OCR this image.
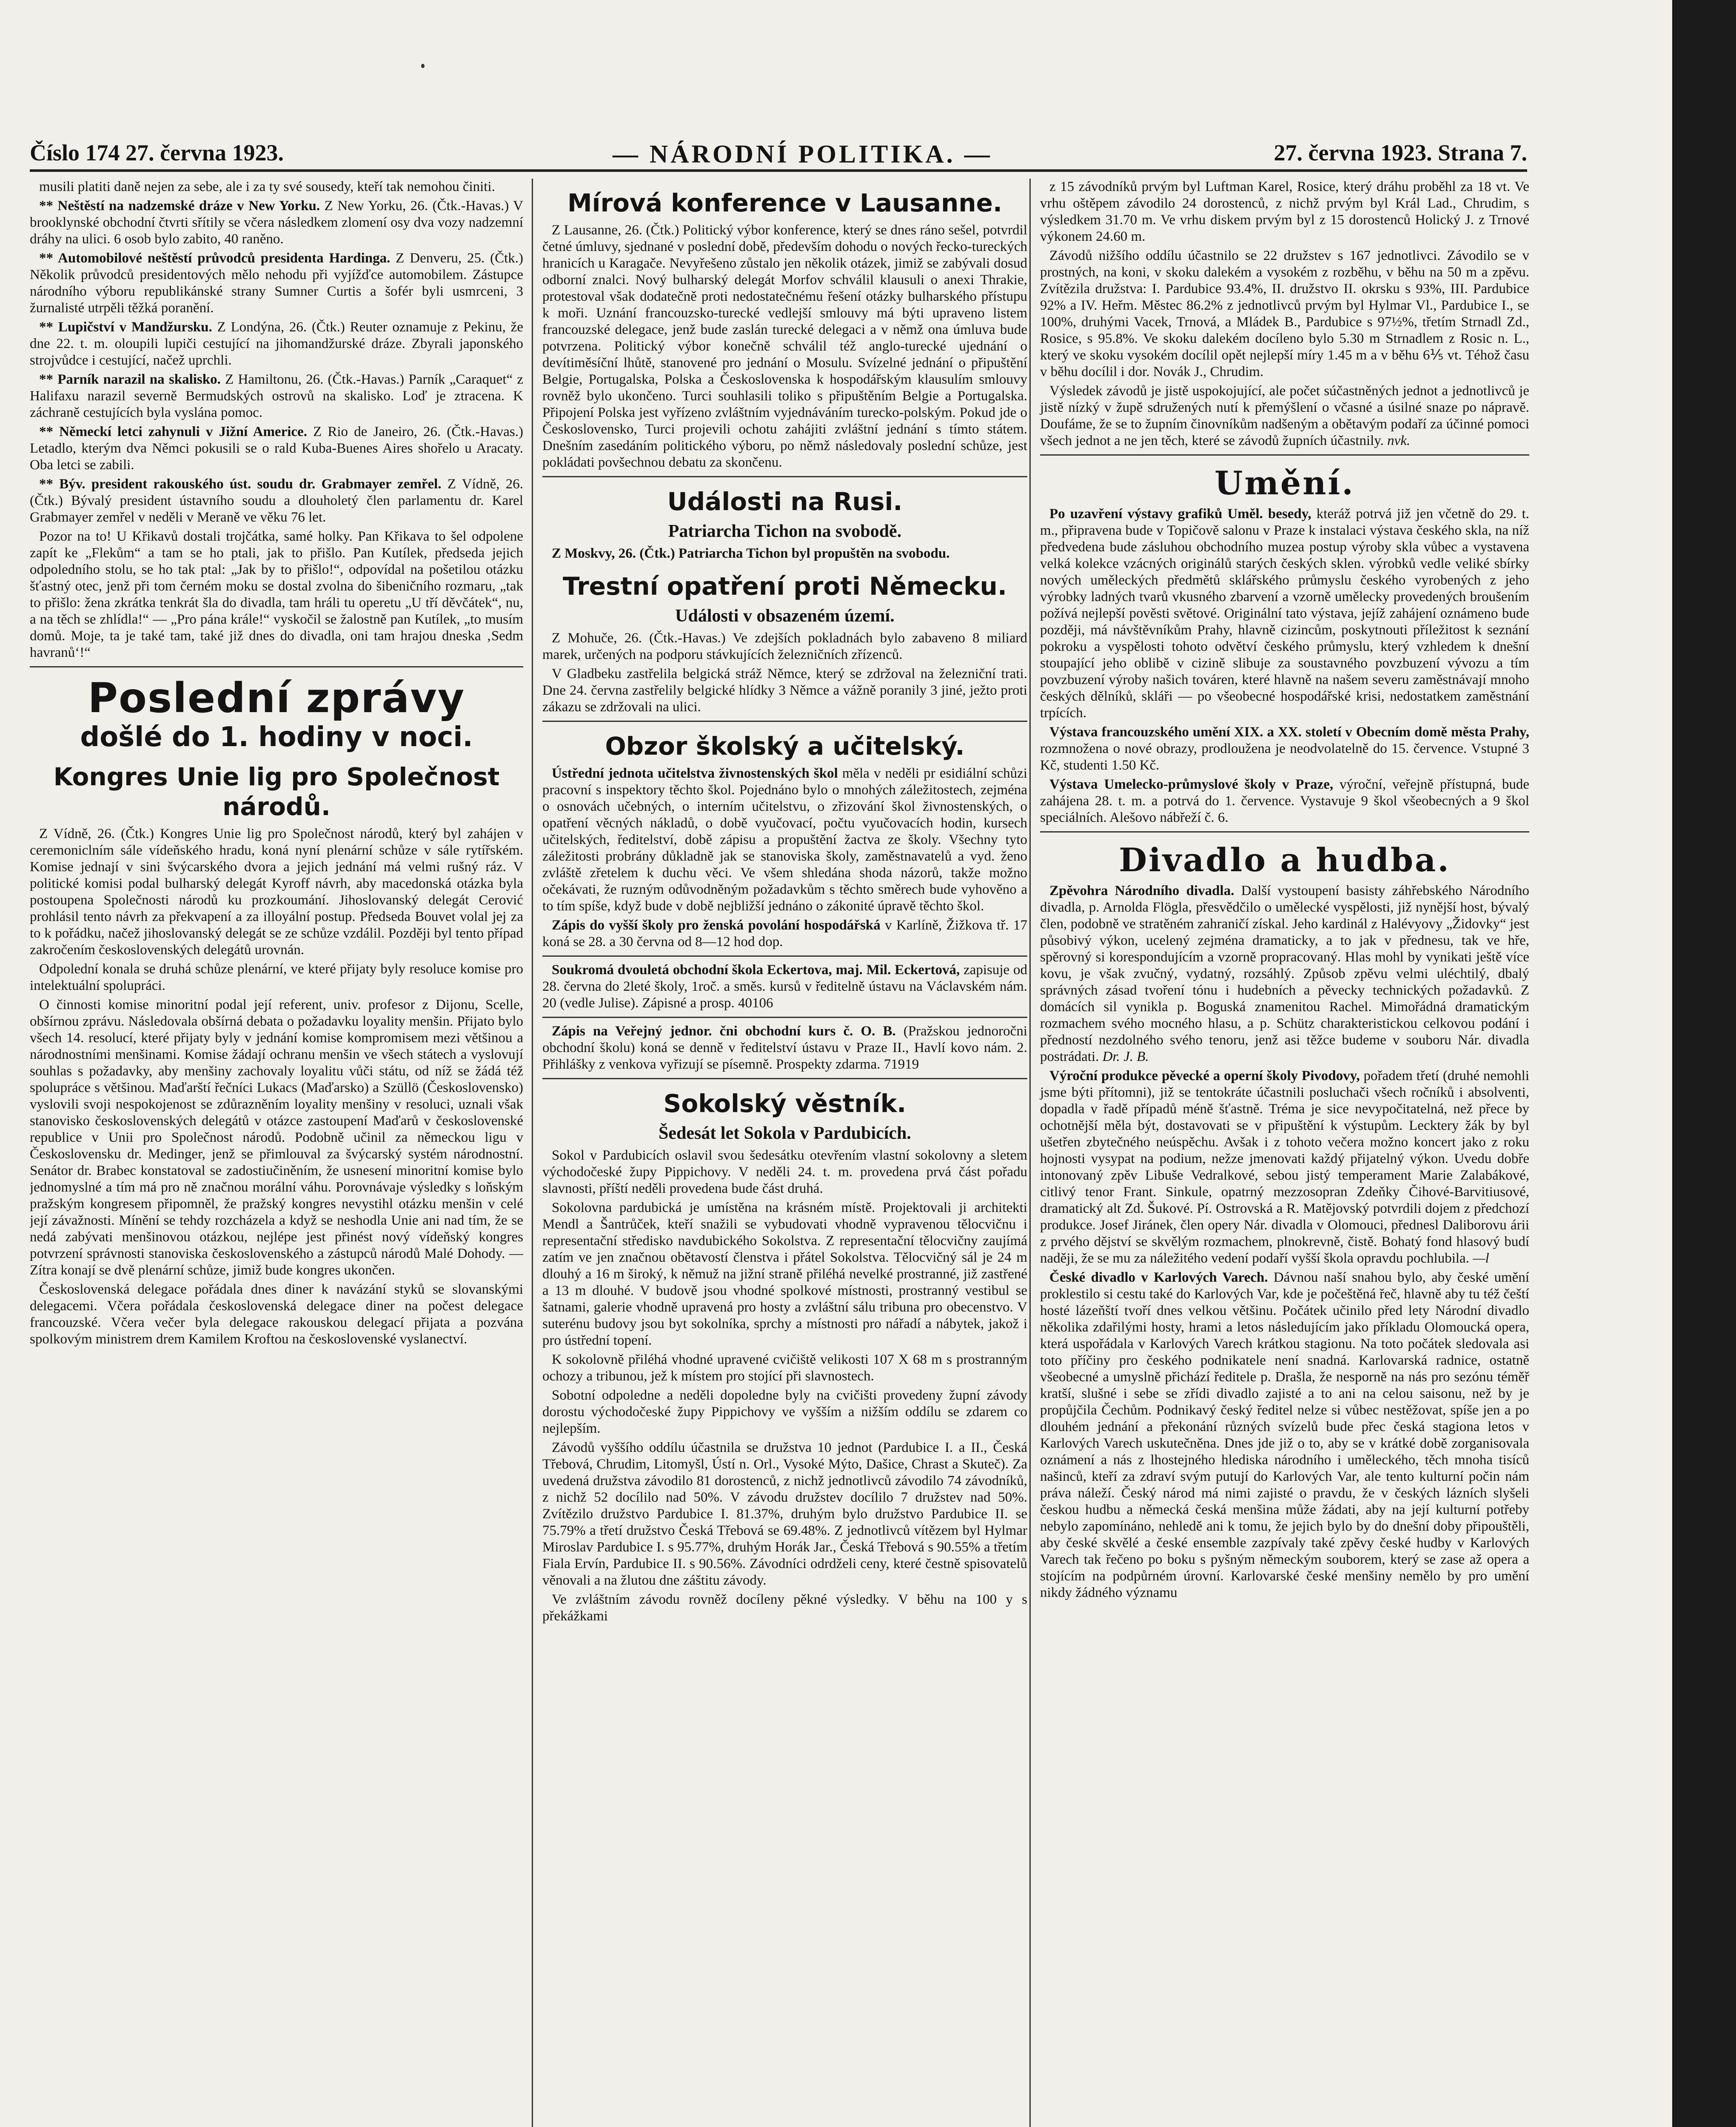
Číslo 174 27. června 1923.	— NÁRODNÍ POLITIKA. —	27. června 1923. Strana 7.

musili platiti daně nejen za sebe, ale i za ty své sousedy, kteří tak nemohou činiti.

** Neštěstí na nadzemské dráze v New Yorku. Z New Yorku, 26. (Čtk.-Havas.) V brooklynské obchodní čtvrti sřítily se včera následkem zlomení osy dva vozy nadzemní dráhy na ulici. 6 osob bylo zabito, 40 raněno.

** Automobilové neštěstí průvodců presidenta Hardinga. Z Denveru, 25. (Čtk.) Několik průvodců presidentových mělo nehodu při vyjížďce automobilem. Zástupce národního výboru republikánské strany Sumner Curtis a šofér byli usmrceni, 3 žurnalisté utrpěli těžká poranění.

** Lupičství v Mandžursku. Z Londýna, 26. (Čtk.) Reuter oznamuje z Pekinu, že dne 22. t. m. oloupili lupiči cestující na jihomandžurské dráze. Zbyrali japonského strojvůdce i cestující, načež uprchli.

** Parník narazil na skalisko. Z Hamiltonu, 26. (Čtk.-Havas.) Parník „Caraquet“ z Halifaxu narazil severně Bermudských ostrovů na skalisko. Loď je ztracena. K záchraně cestujících byla vyslána pomoc.

** Německí letci zahynuli v Jižní Americe. Z Rio de Janeiro, 26. (Čtk.-Havas.) Letadlo, kterým dva Němci pokusili se o rald Kuba-Buenes Aires shořelo u Aracaty. Oba letci se zabili.

** Býv. president rakouského úst. soudu dr. Grabmayer zemřel. Z Vídně, 26. (Čtk.) Bývalý president ústavního soudu a dlouholetý člen parlamentu dr. Karel Grabmayer zemřel v neděli v Meraně ve věku 76 let.

Pozor na to! U Křikavů dostali trojčátka, samé holky. Pan Křikava to šel odpolene zapít ke „Flekům“ a tam se ho ptali, jak to přišlo. Pan Kutílek, předseda jejich odpoledního stolu, se ho tak ptal: „Jak by to přišlo!“, odpovídal na pošetilou otázku šťastný otec, jenž při tom černém moku se dostal zvolna do šibeničního rozmaru, „tak to přišlo: žena zkrátka tenkrát šla do divadla, tam hráli tu operetu „U tří děvčátek“, nu, a na těch se zhlídla!“ — „Pro pána krále!“ vyskočil se žalostně pan Kutílek, „to musím domů. Moje, ta je také tam, také již dnes do divadla, oni tam hrajou dneska ‚Sedm havranů‘!“

Poslední zprávy
došlé do 1. hodiny v noci.
Kongres Unie lig pro Společnost národů.

Z Vídně, 26. (Čtk.) Kongres Unie lig pro Společnost národů, který byl zahájen v ceremoniclním sále vídeňského hradu, koná nyní plenární schůze v sále rytířském. Komise jednají v sini švýcarského dvora a jejich jednání má velmi rušný ráz. V politické komisi podal bulharský delegát Kyroff návrh, aby macedonská otázka byla postoupena Společnosti národů ku prozkoumání. Jihoslovanský delegát Cerović prohlásil tento návrh za překvapení a za illoyální postup. Předseda Bouvet volal jej za to k pořádku, načež jihoslovanský delegát se ze schůze vzdálil. Později byl tento případ zakročením československých delegátů urovnán.

Odpolední konala se druhá schůze plenární, ve které přijaty byly resoluce komise pro intelektuální spolupráci.

O činnosti komise minoritní podal její referent, univ. profesor z Dijonu, Scelle, obšírnou zprávu. Následovala obšírná debata o požadavku loyality menšin. Přijato bylo všech 14. resolucí, které přijaty byly v jednání komise kompromisem mezi většinou a národnostními menšinami. Komise žádají ochranu menšin ve všech státech a vyslovují souhlas s požadavky, aby menšiny zachovaly loyalitu vůči státu, od níž se žádá též spolupráce s většinou. Maďarští řečníci Lukacs (Maďarsko) a Szüllö (Československo) vyslovili svoji nespokojenost se zdůrazněním loyality menšiny v resoluci, uznali však stanovisko československých delegátů v otázce zastoupení Maďarů v československé republice v Unii pro Společnost národů. Podobně učinil za německou ligu v Československu dr. Medinger, jenž se přimlouval za švýcarský systém národnostní. Senátor dr. Brabec konstatoval se zadostiučiněním, že usnesení minoritní komise bylo jednomyslné a tím má pro ně značnou morální váhu. Porovnávaje výsledky s loňským pražským kongresem připomněl, že pražský kongres nevystihl otázku menšin v celé její závažnosti. Mínění se tehdy rozcházela a když se neshodla Unie ani nad tím, že se nedá zabývati menšinovou otázkou, nejlépe jest přinést nový vídeňský kongres potvrzení správnosti stanoviska československého a zástupců národů Malé Dohody. — Zítra konají se dvě plenární schůze, jimiž bude kongres ukončen.

Československá delegace pořádala dnes diner k navázání styků se slovanskými delegacemi. Včera pořádala československá delegace diner na počest delegace francouzské. Včera večer byla delegace rakouskou delegací přijata a pozvána spolkovým ministrem drem Kamilem Kroftou na československé vyslanectví.

Mírová konference v Lausanne.

Z Lausanne, 26. (Čtk.) Politický výbor konference, který se dnes ráno sešel, potvrdil četné úmluvy, sjednané v poslední době, především dohodu o nových řecko-tureckých hranicích u Karagače. Nevyřešeno zůstalo jen několik otázek, jimiž se zabývali dosud odborní znalci. Nový bulharský delegát Morfov schválil klausuli o anexi Thrakie, protestoval však dodatečně proti nedostatečnému řešení otázky bulharského přístupu k moři. Uznání francouzsko-turecké vedlejší smlouvy má býti upraveno listem francouzské delegace, jenž bude zaslán turecké delegaci a v němž ona úmluva bude potvrzena. Politický výbor konečně schválil též anglo-turecké ujednání o devítiměsíční lhůtě, stanovené pro jednání o Mosulu. Svízelné jednání o připuštění Belgie, Portugalska, Polska a Československa k hospodářským klausulím smlouvy rovněž bylo ukončeno. Turci souhlasili toliko s připuštěním Belgie a Portugalska. Připojení Polska jest vyřízeno zvláštním vyjednáváním turecko-polským. Pokud jde o Československo, Turci projevili ochotu zahájiti zvláštní jednání s tímto státem. Dnešním zasedáním politického výboru, po němž následovaly poslední schůze, jest pokládati povšechnou debatu za skončenu.

Události na Rusi.
Patriarcha Tichon na svobodě.

Z Moskvy, 26. (Čtk.) Patriarcha Tichon byl propuštěn na svobodu.

Trestní opatření proti Německu.
Události v obsazeném území.

Z Mohuče, 26. (Čtk.-Havas.) Ve zdejších pokladnách bylo zabaveno 8 miliard marek, určených na podporu stávkujících železničních zřízenců.

V Gladbeku zastřelila belgická stráž Němce, který se zdržoval na železniční trati. Dne 24. června zastřelily belgické hlídky 3 Němce a vážně poranily 3 jiné, ježto proti zákazu se zdržovali na ulici.

Obzor školský a učitelský.

Ústřední jednota učitelstva živnostenských škol měla v neděli pr esidiální schůzi pracovní s inspektory těchto škol. Pojednáno bylo o mnohých záležitostech, zejména o osnovách učebných, o interním učitelstvu, o zřizování škol živnostenských, o opatření věcných nákladů, o době vyučovací, počtu vyučovacích hodin, kursech učitelských, ředitelství, době zápisu a propuštění žactva ze školy. Všechny tyto záležitosti probrány důkladně jak se stanoviska školy, zaměstnavatelů a vyd. ženo zvláště zřetelem k duchu věci. Ve všem shledána shoda názorů, takže možno očekávati, že ruzným odůvodněným požadavkům s těchto směrech bude vyhověno a to tím spíše, když bude v době nejbližší jednáno o zákonité úpravě těchto škol.

Zápis do vyšší školy pro ženská povolání hospodářská v Karlíně, Žižkova tř. 17 koná se 28. a 30 června od 8—12 hod dop.

Soukromá dvouletá obchodní škola Eckertova, maj. Mil. Eckertová, zapisuje od 28. června do 2leté školy, 1roč. a směs. kursů v ředitelně ústavu na Václavském nám. 20 (vedle Julise). Zápisné a prosp. 40106

Zápis na Veřejný jednor. čni obchodní kurs č. O. B. (Pražskou jednoročni obchodní školu) koná se denně v ředitelství ústavu v Praze II., Havlí kovo nám. 2. Přihlášky z venkova vyřizují se písemně. Prospekty zdarma. 71919

Sokolský věstník.
Šedesát let Sokola v Pardubicích.

Sokol v Pardubicích oslavil svou šedesátku otevřením vlastní sokolovny a sletem východočeské župy Pippichovy. V neděli 24. t. m. provedena prvá část pořadu slavnosti, příští neděli provedena bude část druhá.

Sokolovna pardubická je umístěna na krásném místě. Projektovali ji architekti Mendl a Šantrůček, kteří snažili se vybudovati vhodně vypravenou tělocvičnu i representační středisko navdubického Sokolstva. Z representační tělocvičny zaujímá zatím ve jen značnou obětavostí členstva i přátel Sokolstva. Tělocvičný sál je 24 m dlouhý a 16 m široký, k němuž na jižní straně přiléhá nevelké prostranné, již zastřené a 13 m dlouhé. V budově jsou vhodné spolkové místnosti, prostranný vestibul se šatnami, galerie vhodně upravená pro hosty a zvláštní sálu tribuna pro obecenstvo. V suterénu budovy jsou byt sokolníka, sprchy a místnosti pro nářadí a nábytek, jakož i pro ústřední topení.

K sokolovně přiléhá vhodné upravené cvičiště velikosti 107 X 68 m s prostranným ochozy a tribunou, jež k místem pro stojící při slavnostech.

Sobotní odpoledne a neděli dopoledne byly na cvičišti provedeny župní závody dorostu východočeské župy Pippichovy ve vyšším a nižším oddílu se zdarem co nejlepším.

Závodů vyššího oddílu účastnila se družstva 10 jednot (Pardubice I. a II., Česká Třebová, Chrudim, Litomyšl, Ústí n. Orl., Vysoké Mýto, Dašice, Chrast a Skuteč). Za uvedená družstva závodilo 81 dorostenců, z nichž jednotlivců závodilo 74 závodníků, z nichž 52 docílilo nad 50%. V závodu družstev docílilo 7 družstev nad 50%. Zvítězilo družstvo Pardubice I. 81.37%, druhým bylo družstvo Pardubice II. se 75.79% a třetí družstvo Česká Třebová se 69.48%. Z jednotlivců vítězem byl Hylmar Miroslav Pardubice I. s 95.77%, druhým Horák Jar., Česká Třebová s 90.55% a třetím Fiala Ervín, Pardubice II. s 90.56%. Závodníci odrdželi ceny, které čestně spisovatelů věnovali a na žlutou dne záštitu závody.

Ve zvláštním závodu rovněž docíleny pěkné výsledky. V běhu na 100 y s překážkami

z 15 závodníků prvým byl Luftman Karel, Rosice, který dráhu proběhl za 18 vt. Ve vrhu oštěpem závodilo 24 dorostenců, z nichž prvým byl Král Lad., Chrudim, s výsledkem 31.70 m. Ve vrhu diskem prvým byl z 15 dorostenců Holický J. z Trnové výkonem 24.60 m.

Závodů nižšího oddílu účastnilo se 22 družstev s 167 jednotlivci. Závodilo se v prostných, na koni, v skoku dalekém a vysokém z rozběhu, v běhu na 50 m a zpěvu. Zvítězila družstva: I. Pardubice 93.4%, II. družstvo II. okrsku s 93%, III. Pardubice 92% a IV. Heřm. Městec 86.2% z jednotlivců prvým byl Hylmar Vl., Pardubice I., se 100%, druhými Vacek, Trnová, a Mládek B., Pardubice s 97½%, třetím Strnadl Zd., Rosice, s 95.8%. Ve skoku dalekém docíleno bylo 5.30 m Strnadlem z Rosic n. L., který ve skoku vysokém docílil opět nejlepší míry 1.45 m a v běhu 6⅕ vt. Téhož času v běhu docílil i dor. Novák J., Chrudim.

Výsledek závodů je jistě uspokojující, ale počet súčastněných jednot a jednotlivců je jistě nízký v župě sdružených nutí k přemýšlení o včasné a úsilné snaze po nápravě. Doufáme, že se to župním činovníkům nadšeným a obětavým podaří za účinné pomoci všech jednot a ne jen těch, které se závodů župních účastnily. nvk.

Umění.

Po uzavření výstavy grafiků Uměl. besedy, kteráž potrvá již jen včetně do 29. t. m., připravena bude v Topičově salonu v Praze k instalaci výstava českého skla, na níž předvedena bude zásluhou obchodního muzea postup výroby skla vůbec a vystavena velká kolekce vzácných originálů starých českých sklen. výrobků vedle veliké sbírky nových uměleckých předmětů sklářského průmyslu českého vyrobených z jeho výrobky ladných tvarů vkusného zbarvení a vzorně umělecky provedených broušením požívá nejlepší pověsti světové. Originální tato výstava, jejíž zahájení oznámeno bude později, má návštěvníkům Prahy, hlavně cizincům, poskytnouti příležitost k seznání pokroku a vyspělosti tohoto odvětví českého průmyslu, který vzhledem k dnešní stoupající jeho oblibě v cizině slibuje za soustavného povzbuzení vývozu a tím povzbuzení výroby našich továren, které hlavně na našem severu zaměstnávají mnoho českých dělníků, skláři — po všeobecné hospodářské krisi, nedostatkem zaměstnání trpících.

Výstava francouzského umění XIX. a XX. století v Obecním domě města Prahy, rozmnožena o nové obrazy, prodloužena je neodvolatelně do 15. července. Vstupné 3 Kč, studenti 1.50 Kč.

Výstava Umelecko-průmyslové školy v Praze, výroční, veřejně přístupná, bude zahájena 28. t. m. a potrvá do 1. července. Vystavuje 9 škol všeobecných a 9 škol speciálních. Alešovo nábřeží č. 6.

Divadlo a hudba.

Zpěvohra Národního divadla. Další vystoupení basisty záhřebského Národního divadla, p. Arnolda Flögla, přesvědčilo o umělecké vyspělosti, již nynější host, bývalý člen, podobně ve stratěném zahraničí získal. Jeho kardinál z Halévyovy „Židovky“ jest působivý výkon, ucelený zejména dramaticky, a to jak v přednesu, tak ve hře, spěrovný si korespondujícím a vzorně propracovaný. Hlas mohl by vynikati ještě více kovu, je však zvučný, vydatný, rozsáhlý. Způsob zpěvu velmi uléchtilý, dbalý správných zásad tvoření tónu i hudebních a pěvecky technických požadavků. Z domácích sil vynikla p. Boguská znamenitou Rachel. Mimořádná dramatickým rozmachem svého mocného hlasu, a p. Schütz charakteristickou celkovou podání i předností nezdolného svého tenoru, jenž asi těžce budeme v souboru Nár. divadla postrádati. Dr. J. B.

Výroční produkce pěvecké a operní školy Pivodovy, pořadem třetí (druhé nemohli jsme býti přítomni), již se tentokráte účastnili posluchači všech ročníků i absolventi, dopadla v řadě případů méně šťastně. Tréma je sice nevypočitatelná, než přece by ochotnější měla být, dostavovati se v připuštění k výstupům. Lecktery žák by byl ušetřen zbytečného neúspěchu. Avšak i z tohoto večera možno koncert jako z roku hojnosti vysypat na podium, nežze jmenovati každý přijatelný výkon. Uvedu dobře intonovaný zpěv Libuše Vedralkové, sebou jistý temperament Marie Zalabákové, citlivý tenor Frant. Sinkule, opatrný mezzosopran Zdeňky Čihové-Barvitiusové, dramatický alt Zd. Šukové. Pí. Ostrovská a R. Matějovský potvrdili dojem z předchozí produkce. Josef Jiránek, člen opery Nár. divadla v Olomouci, přednesl Daliborovu árii z prvého dějství se skvělým rozmachem, plnokrevně, čistě. Bohatý fond hlasový budí naději, že se mu za náležitého vedení podaří vyšší škola opravdu pochlubila. —l

České divadlo v Karlových Varech. Dávnou naší snahou bylo, aby české umění proklestilo si cestu také do Karlových Var, kde je počeštěná řeč, hlavně aby tu též čeští hosté lázeňští tvoří dnes velkou většinu. Počátek učinilo před lety Národní divadlo několika zdařilými hosty, hrami a letos následujícím jako příkladu Olomoucká opera, která uspořádala v Karlových Varech krátkou stagionu. Na toto počátek sledovala asi toto příčiny pro českého podnikatele není snadná. Karlovarská radnice, ostatně všeobecné a umyslně přichází ředitele p. Drašla, že nesporně na nás pro sezónu téměř kratší, slušné i sebe se zřídi divadlo zajisté a to ani na celou saisonu, než by je propůjčila Čechům. Podnikavý český ředitel nelze si vůbec nestěžovat, spíše jen a po dlouhém jednání a překonání různých svízelů bude přec česká stagiona letos v Karlových Varech uskutečněna. Dnes jde již o to, aby se v krátké době zorganisovala oznámení a nás z lhostejného hlediska národního i uměleckého, těch mnoha tisíců našinců, kteří za zdraví svým putují do Karlových Var, ale tento kulturní počin nám práva náleží. Český národ má nimi zajisté o pravdu, že v českých lázních slyšeli českou hudbu a německá česká menšina může žádati, aby na její kulturní potřeby nebylo zapomínáno, nehledě ani k tomu, že jejich bylo by do dnešní doby připouštěli, aby české skvělé a české ensemble zazpívaly také zpěvy české hudby v Karlových Varech tak řečeno po boku s pyšným německým souborem, který se zase až opera a stojícím na podpůrném úrovní. Karlovarské české menšiny nemělo by pro umění nikdy žádného významu
